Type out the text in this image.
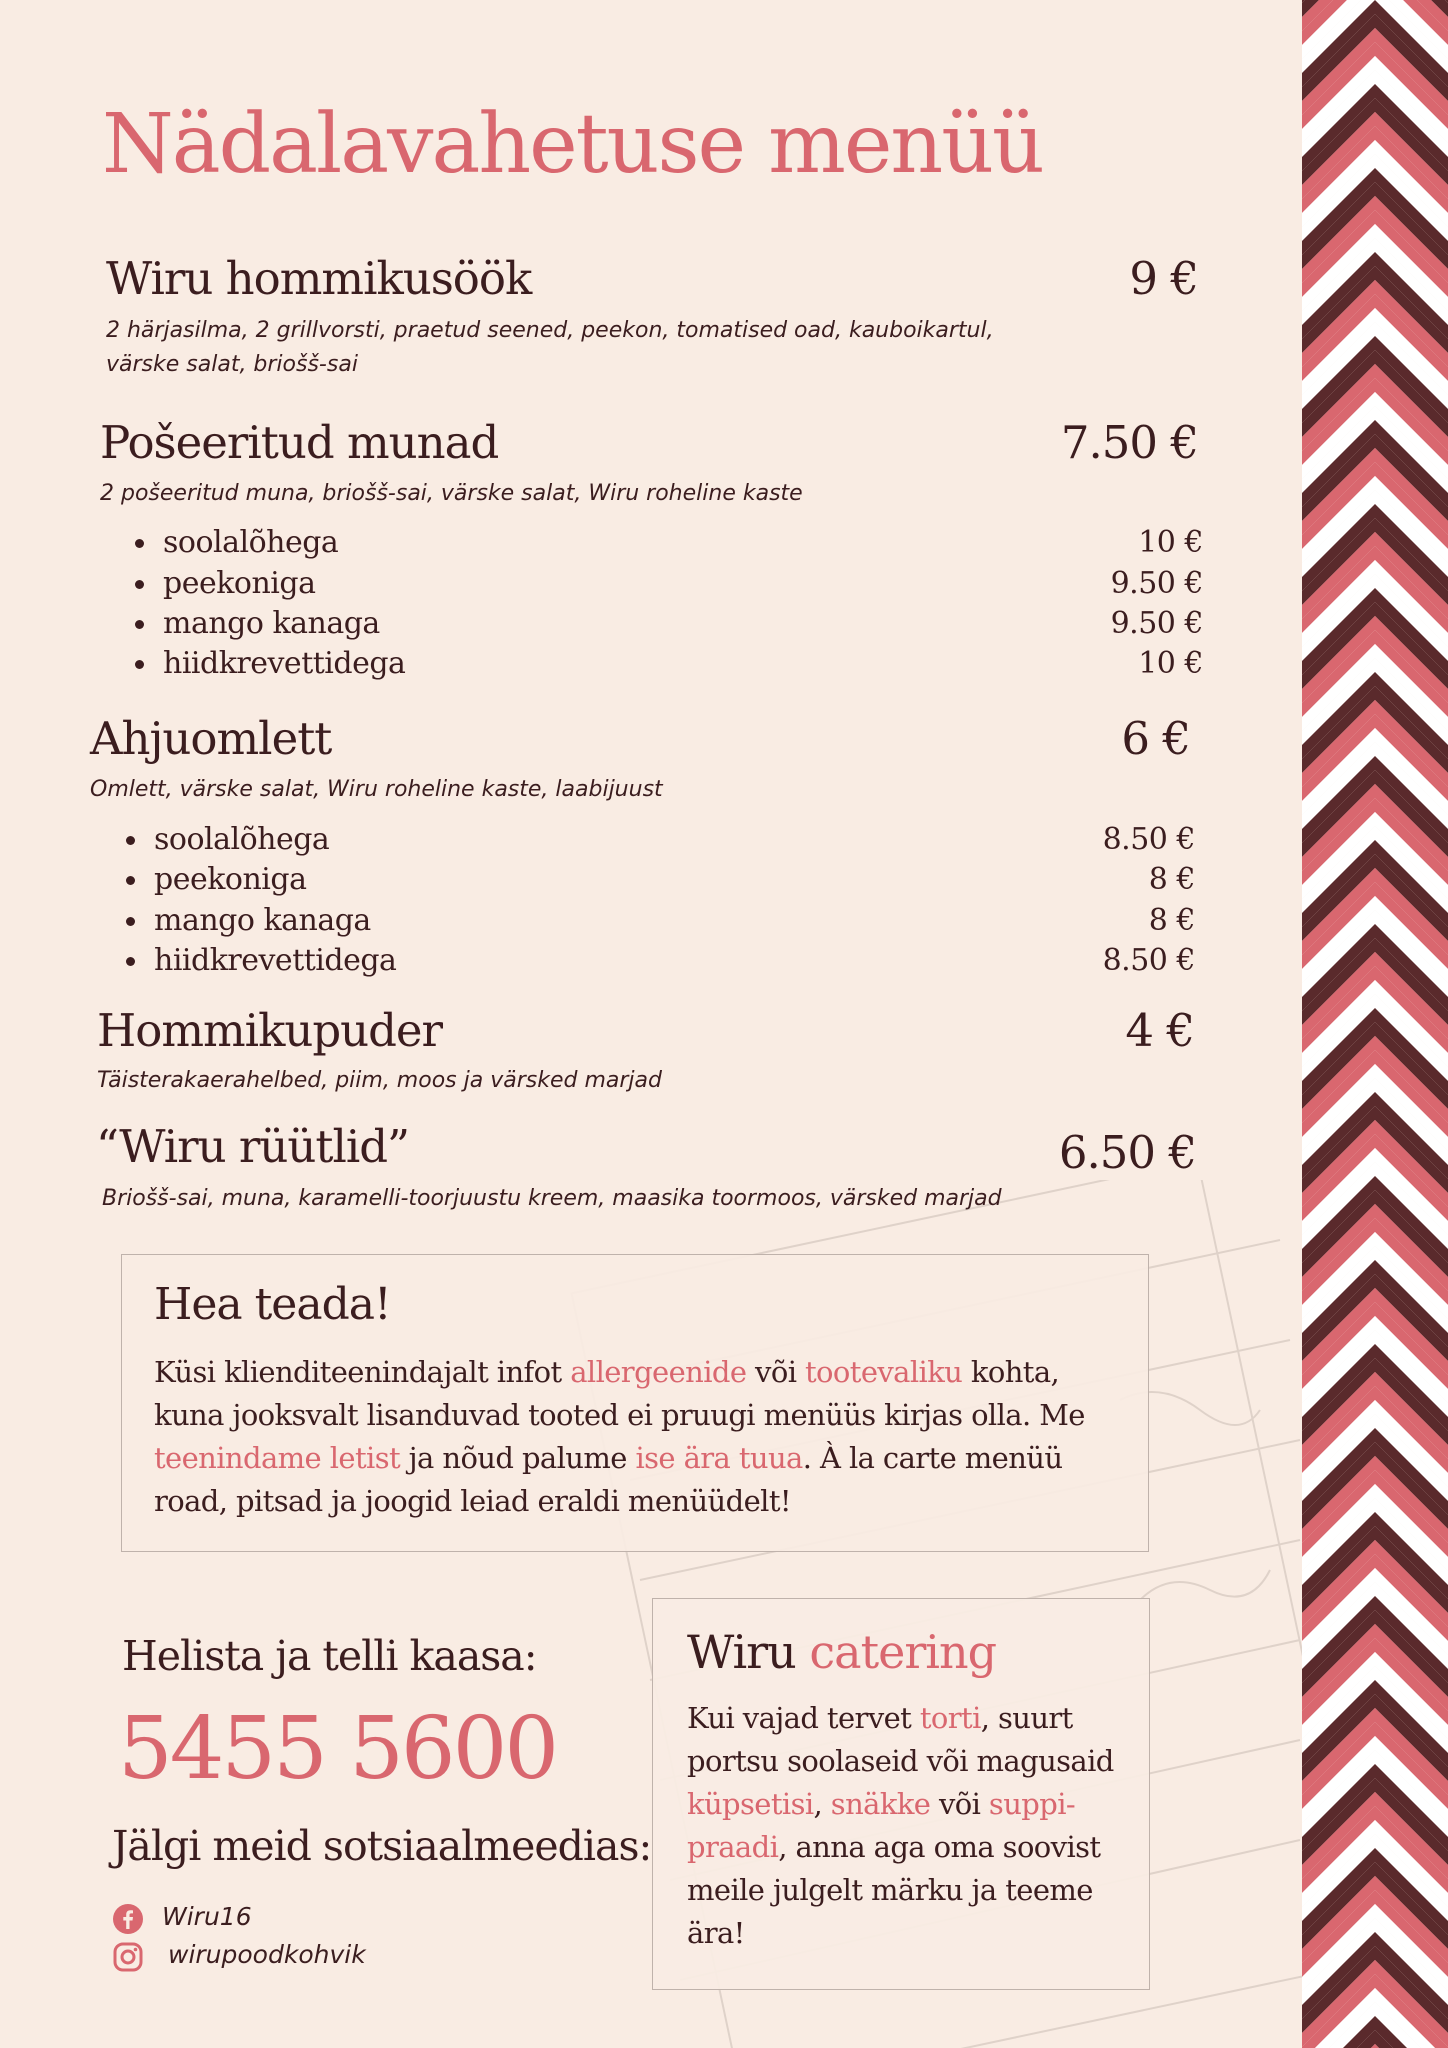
Nädalavahetuse menüü
Wiru hommikusöök	9 €
2 härjasilma, 2 grillvorsti, praetud seened, peekon, tomatised oad, kauboikartul,
värske salat, briošš-sai
Pošeeritud munad	7.50 €
2 pošeeritud muna, briošš-sai, värske salat, Wiru roheline kaste
soolalõhega	10 €
peekoniga	9.50 €
mango kanaga	9.50 €
hiidkrevettidega	10 €
Ahjuomlett	6 €
Omlett, värske salat, Wiru roheline kaste, laabijuust
soolalõhega	8.50 €
peekoniga	8 €
mango kanaga	8 €
hiidkrevettidega	8.50 €
Hommikupuder	4 €
Täisterakaerahelbed, piim, moos ja värsked marjad
“Wiru rüütlid”	6.50 €
Briošš-sai, muna, karamelli-toorjuustu kreem, maasika toormoos, värsked marjad
Hea teada!
Küsi klienditeenindajalt infot allergeenide või tootevaliku kohta, kuna jooksvalt lisanduvad tooted ei pruugi menüüs kirjas olla. Me teenindame letist ja nõud palume ise ära tuua. À la carte menüü road, pitsad ja joogid leiad eraldi menüüdelt!
Helista ja telli kaasa:
5455 5600
Jälgi meid sotsiaalmeedias:
Wiru16
wirupoodkohvik
Wiru catering
Kui vajad tervet torti, suurt portsu soolaseid või magusaid küpsetisi, snäkke või suppi-praadi, anna aga oma soovist meile julgelt märku ja teeme ära!
